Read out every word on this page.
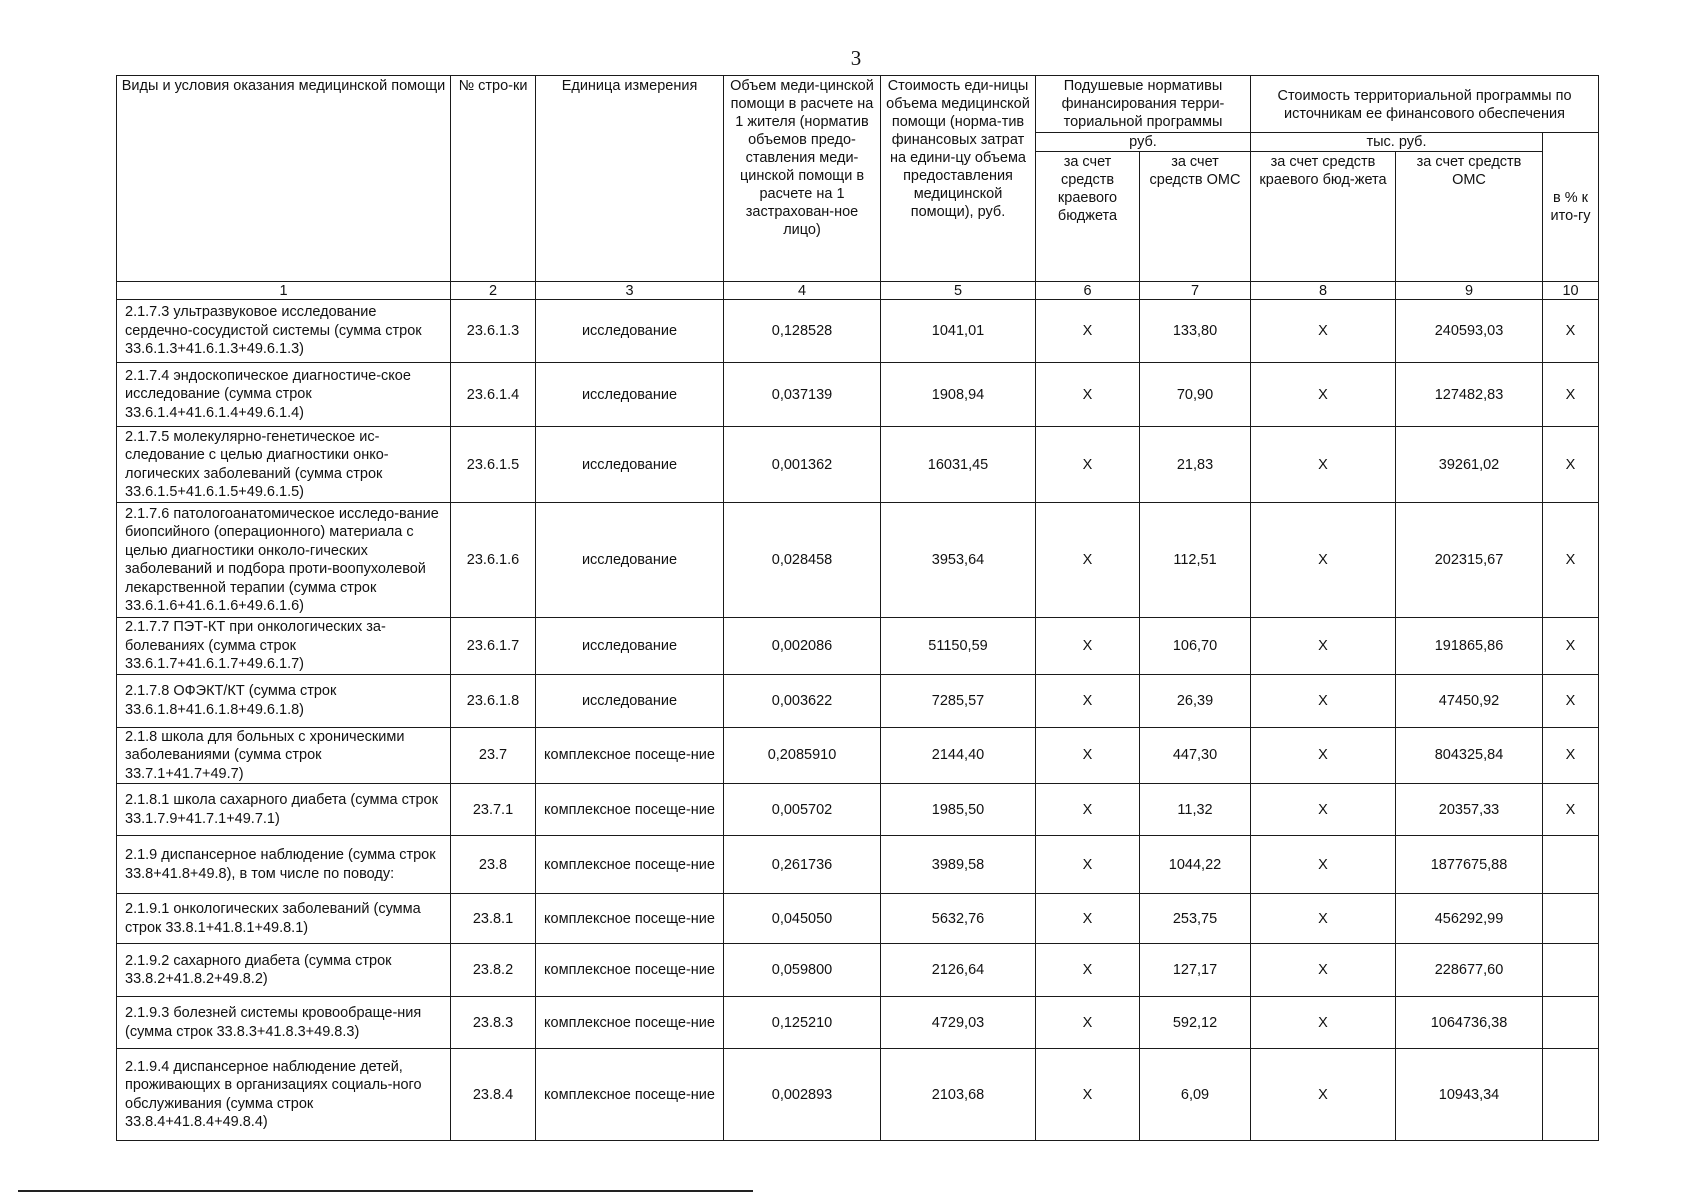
3
Виды и условия оказания медицинской помощи	№ стро-ки	Единица измерения	Объем меди-цинской помощи в расчете на 1 жителя (норматив объемов предо-ставления меди-цинской помощи в расчете на 1 застрахован-ное лицо)	Стоимость еди-ницы объема медицинской помощи (норма-тив финансовых затрат на едини-цу объема предоставления медицинской помощи), руб.	Подушевые нормативы финансирования терри-ториальной программы		Стоимость территориальной программы по источникам ее финансового обеспечения		
					руб.		тыс. руб.		в % к ито-гу
					за счет средств краевого бюджета	за счет средств ОМС	за счет средств краевого бюд-жета	за счет средств ОМС	
1	2	3	4	5	6	7	8	9	10
2.1.7.3 ультразвуковое исследование сердечно-сосудистой системы (сумма строк 33.6.1.3+41.6.1.3+49.6.1.3)	23.6.1.3	исследование	0,128528	1041,01	Х	133,80	Х	240593,03	Х
2.1.7.4 эндоскопическое диагностиче-ское исследование (сумма строк 33.6.1.4+41.6.1.4+49.6.1.4)	23.6.1.4	исследование	0,037139	1908,94	Х	70,90	Х	127482,83	Х
2.1.7.5 молекулярно-генетическое ис-следование с целью диагностики онко-логических заболеваний (сумма строк 33.6.1.5+41.6.1.5+49.6.1.5)	23.6.1.5	исследование	0,001362	16031,45	Х	21,83	Х	39261,02	Х
2.1.7.6 патологоанатомическое исследо-вание биопсийного (операционного) материала с целью диагностики онколо-гических заболеваний и подбора проти-воопухолевой лекарственной терапии (сумма строк 33.6.1.6+41.6.1.6+49.6.1.6)	23.6.1.6	исследование	0,028458	3953,64	Х	112,51	Х	202315,67	Х
2.1.7.7 ПЭТ-КТ при онкологических за-болеваниях (сумма строк 33.6.1.7+41.6.1.7+49.6.1.7)	23.6.1.7	исследование	0,002086	51150,59	Х	106,70	Х	191865,86	Х
2.1.7.8 ОФЭКТ/КТ (сумма строк 33.6.1.8+41.6.1.8+49.6.1.8)	23.6.1.8	исследование	0,003622	7285,57	Х	26,39	Х	47450,92	Х
2.1.8 школа для больных с хроническими заболеваниями (сумма строк 33.7.1+41.7+49.7)	23.7	комплексное посеще-ние	0,2085910	2144,40	Х	447,30	Х	804325,84	Х
2.1.8.1 школа сахарного диабета (сумма строк 33.1.7.9+41.7.1+49.7.1)	23.7.1	комплексное посеще-ние	0,005702	1985,50	Х	11,32	Х	20357,33	Х
2.1.9 диспансерное наблюдение (сумма строк 33.8+41.8+49.8), в том числе по поводу:	23.8	комплексное посеще-ние	0,261736	3989,58	Х	1044,22	Х	1877675,88	
2.1.9.1 онкологических заболеваний (сумма строк 33.8.1+41.8.1+49.8.1)	23.8.1	комплексное посеще-ние	0,045050	5632,76	Х	253,75	Х	456292,99	
2.1.9.2 сахарного диабета (сумма строк 33.8.2+41.8.2+49.8.2)	23.8.2	комплексное посеще-ние	0,059800	2126,64	Х	127,17	Х	228677,60	
2.1.9.3 болезней системы кровообраще-ния (сумма строк 33.8.3+41.8.3+49.8.3)	23.8.3	комплексное посеще-ние	0,125210	4729,03	Х	592,12	Х	1064736,38	
2.1.9.4 диспансерное наблюдение детей, проживающих в организациях социаль-ного обслуживания (сумма строк 33.8.4+41.8.4+49.8.4)	23.8.4	комплексное посеще-ние	0,002893	2103,68	Х	6,09	Х	10943,34	
